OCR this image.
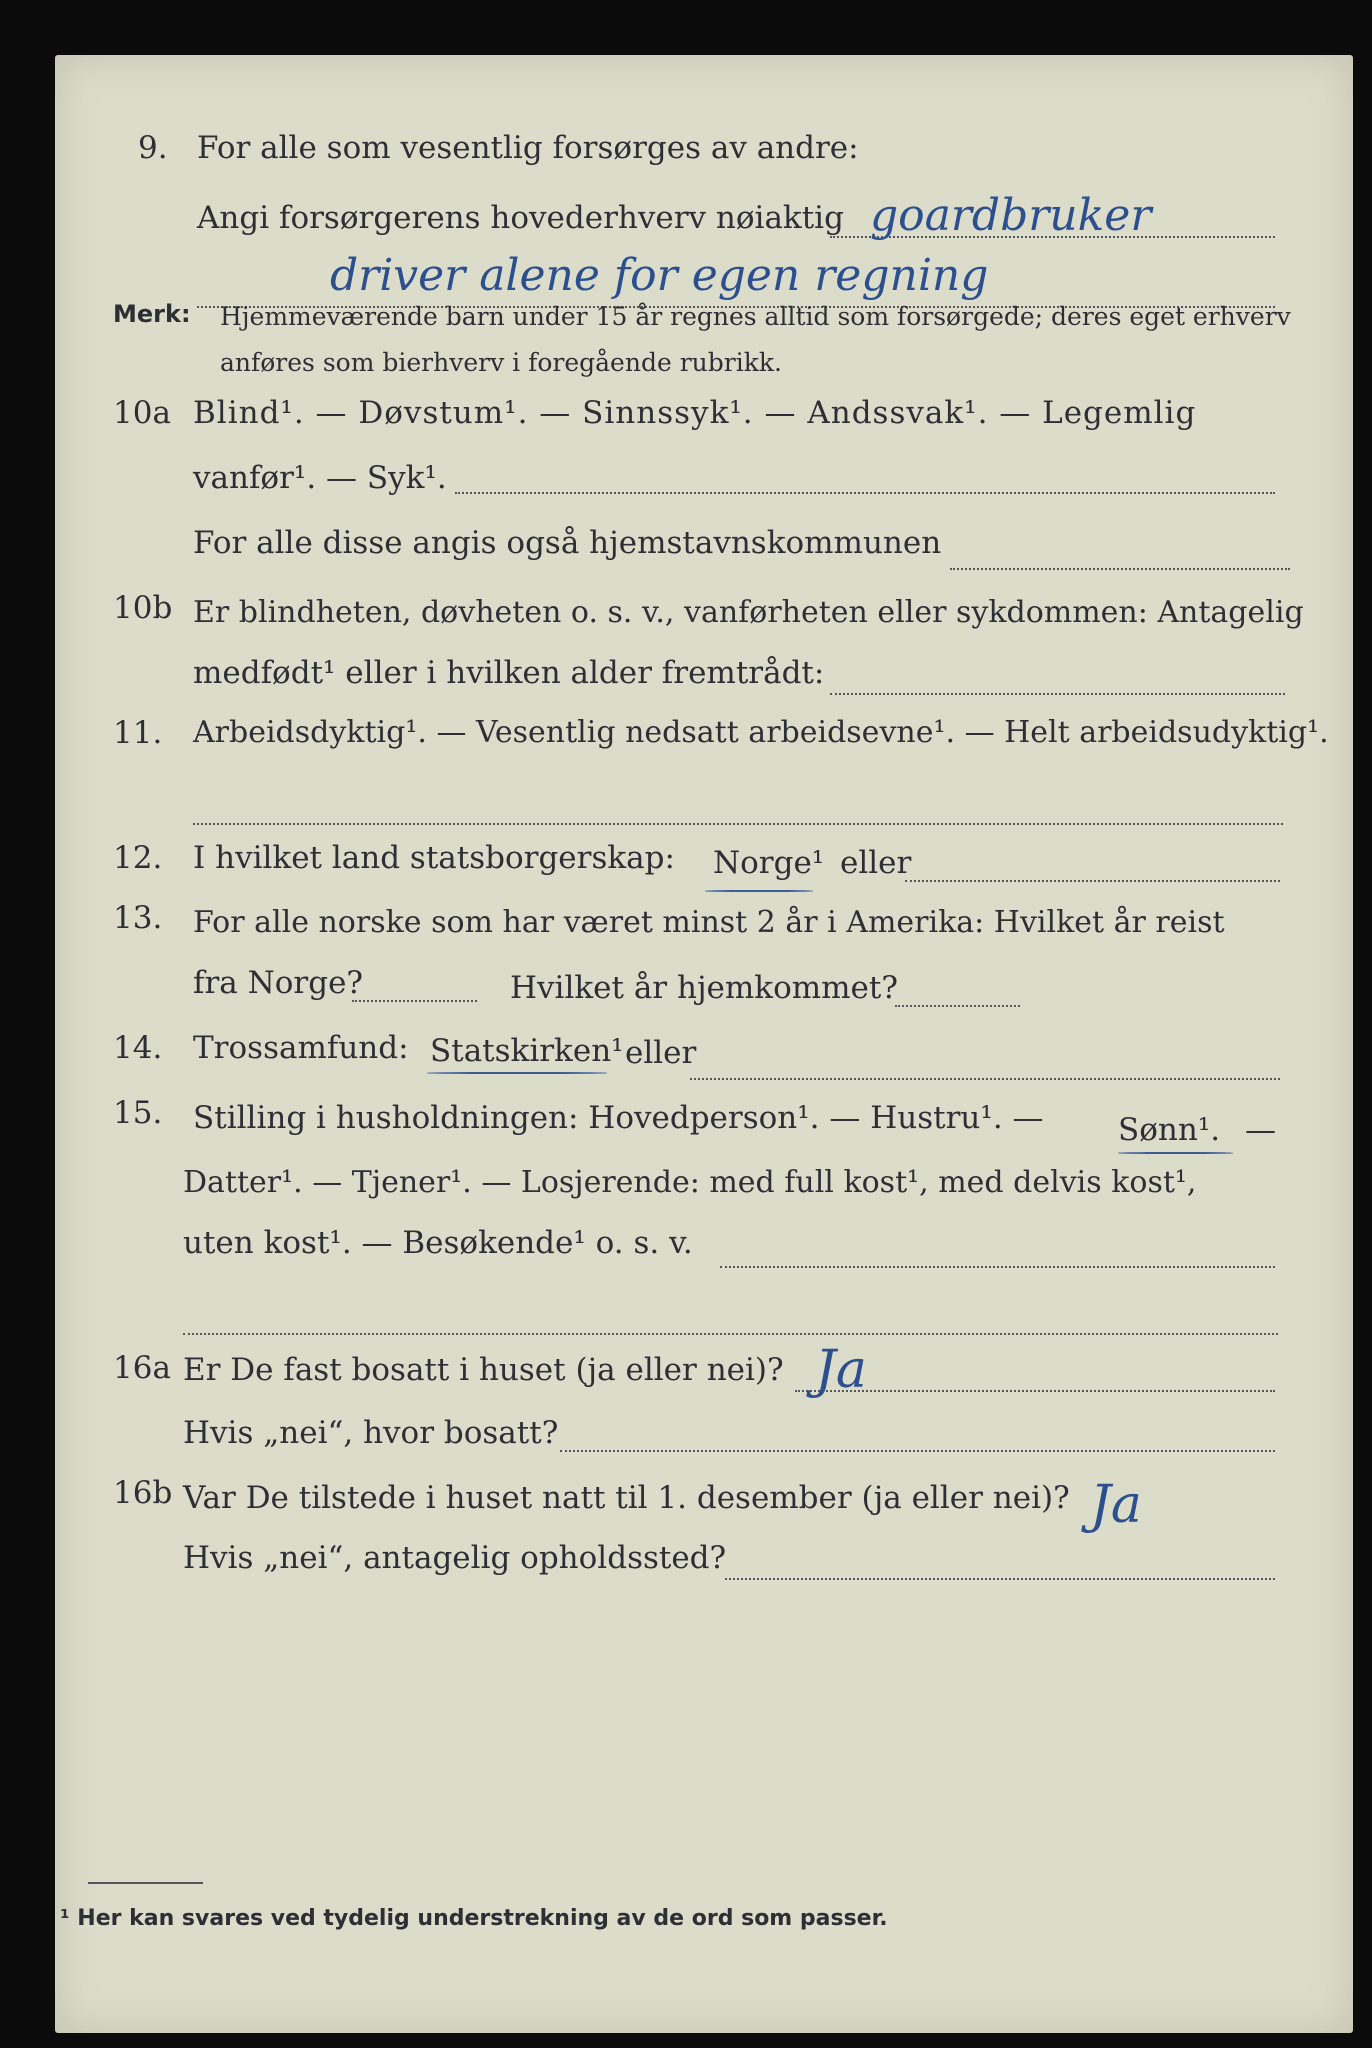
9. For alle som vesentlig forsørges av andre:
Angi forsørgerens hovederhverv nøiaktig goardbruker
driver alene for egen regning
Merk: Hjemmeværende barn under 15 år regnes alltid som forsørgede; deres eget erhverv
anføres som bierhverv i foregående rubrikk.
10a Blind¹. — Døvstum¹. — Sinnssyk¹. — Andssvak¹. — Legemlig
vanfør¹. — Syk¹.
For alle disse angis også hjemstavnskommunen
10b Er blindheten, døvheten o. s. v., vanførheten eller sykdommen: Antagelig
medfødt¹ eller i hvilken alder fremtrådt:
11. Arbeidsdyktig¹. — Vesentlig nedsatt arbeidsevne¹. — Helt arbeidsudyktig¹.
12. I hvilket land statsborgerskap:	Norge¹ eller
13. For alle norske som har været minst 2 år i Amerika: Hvilket år reist
fra Norge?	Hvilket år hjemkommet?
14. Trossamfund: Statskirken¹ eller
15. Stilling i husholdningen: Hovedperson¹. — Hustru¹. —	Sønn¹. —
Datter¹. — Tjener¹. — Losjerende: med full kost¹, med delvis kost¹,
uten kost¹. — Besøkende¹ o. s. v.
16a Er De fast bosatt i huset (ja eller nei)? Ja
Hvis „nei“, hvor bosatt?
16b Var De tilstede i huset natt til 1. desember (ja eller nei)? Ja
Hvis „nei“, antagelig opholdssted?
¹ Her kan svares ved tydelig understrekning av de ord som passer.
